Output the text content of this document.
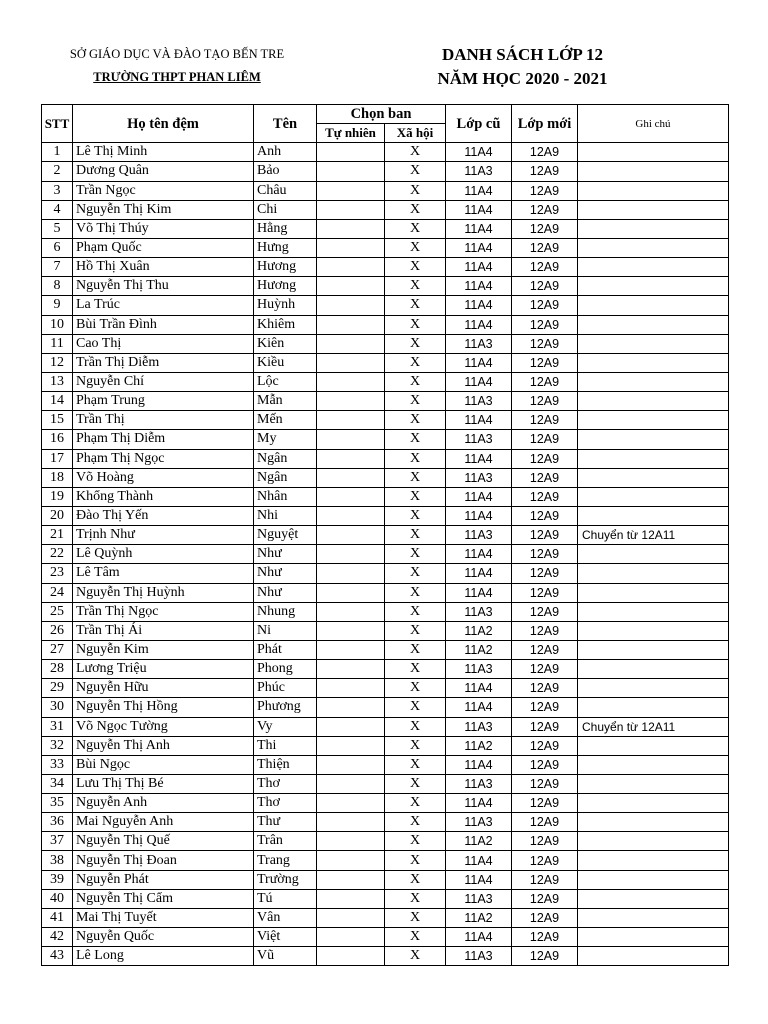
SỞ GIÁO DỤC VÀ ĐÀO TẠO BẾN TRE
TRƯỜNG THPT PHAN LIÊM
DANH SÁCH LỚP 12
NĂM HỌC 2020 - 2021
STT	Họ tên đệm	Tên	Chọn ban		Lớp cũ	Lớp mới	Ghi chú
			Tự nhiên	Xã hội			
1	Lê Thị Minh	Anh		X	11A4	12A9	
2	Dương Quân	Bảo		X	11A3	12A9	
3	Trần Ngọc	Châu		X	11A4	12A9	
4	Nguyễn Thị Kim	Chi		X	11A4	12A9	
5	Võ Thị Thúy	Hằng		X	11A4	12A9	
6	Phạm Quốc	Hưng		X	11A4	12A9	
7	Hồ Thị Xuân	Hương		X	11A4	12A9	
8	Nguyễn Thị Thu	Hương		X	11A4	12A9	
9	La Trúc	Huỳnh		X	11A4	12A9	
10	Bùi Trần Đình	Khiêm		X	11A4	12A9	
11	Cao Thị	Kiên		X	11A3	12A9	
12	Trần Thị Diễm	Kiều		X	11A4	12A9	
13	Nguyễn Chí	Lộc		X	11A4	12A9	
14	Phạm Trung	Mẫn		X	11A3	12A9	
15	Trần Thị	Mến		X	11A4	12A9	
16	Phạm Thị Diễm	My		X	11A3	12A9	
17	Phạm Thị Ngọc	Ngân		X	11A4	12A9	
18	Võ Hoàng	Ngân		X	11A3	12A9	
19	Khổng Thành	Nhân		X	11A4	12A9	
20	Đào Thị Yến	Nhi		X	11A4	12A9	
21	Trịnh Như	Nguyệt		X	11A3	12A9	Chuyển từ 12A11
22	Lê Quỳnh	Như		X	11A4	12A9	
23	Lê Tâm	Như		X	11A4	12A9	
24	Nguyễn Thị Huỳnh	Như		X	11A4	12A9	
25	Trần Thị Ngọc	Nhung		X	11A3	12A9	
26	Trần Thị Ái	Ni		X	11A2	12A9	
27	Nguyễn Kim	Phát		X	11A2	12A9	
28	Lương Triệu	Phong		X	11A3	12A9	
29	Nguyễn Hữu	Phúc		X	11A4	12A9	
30	Nguyễn Thị Hồng	Phương		X	11A4	12A9	
31	Võ Ngọc Tường	Vy		X	11A3	12A9	Chuyển từ 12A11
32	Nguyễn Thị Anh	Thi		X	11A2	12A9	
33	Bùi Ngọc	Thiện		X	11A4	12A9	
34	Lưu Thị Thị Bé	Thơ		X	11A3	12A9	
35	Nguyễn Anh	Thơ		X	11A4	12A9	
36	Mai Nguyễn Anh	Thư		X	11A3	12A9	
37	Nguyễn Thị Quế	Trân		X	11A2	12A9	
38	Nguyễn Thị Đoan	Trang		X	11A4	12A9	
39	Nguyễn Phát	Trường		X	11A4	12A9	
40	Nguyễn Thị Cẩm	Tú		X	11A3	12A9	
41	Mai Thị Tuyết	Vân		X	11A2	12A9	
42	Nguyễn Quốc	Việt		X	11A4	12A9	
43	Lê Long	Vũ		X	11A3	12A9	
